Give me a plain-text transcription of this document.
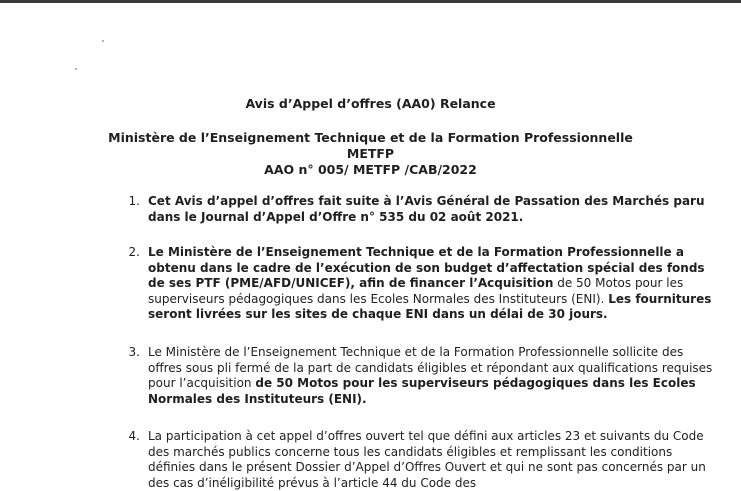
Avis d’Appel d’offres (AA0) Relance
Ministère de l’Enseignement Technique et de la Formation Professionnelle
METFP
AAO n° 005/ METFP /CAB/2022
1. Cet Avis d’appel d’offres fait suite à l’Avis Général de Passation des Marchés paru dans le Journal d’Appel d’Offre n° 535 du 02 août 2021.
2. Le Ministère de l’Enseignement Technique et de la Formation Professionnelle a obtenu dans le cadre de l’exécution de son budget d’affectation spécial des fonds de ses PTF (PME/AFD/UNICEF), afin de financer l’Acquisition de 50 Motos pour les superviseurs pédagogiques dans les Ecoles Normales des Instituteurs (ENI). Les fournitures seront livrées sur les sites de chaque ENI dans un délai de 30 jours.
3. Le Ministère de l’Enseignement Technique et de la Formation Professionnelle sollicite des offres sous pli fermé de la part de candidats éligibles et répondant aux qualifications requises pour l’acquisition de 50 Motos pour les superviseurs pédagogiques dans les Ecoles Normales des Instituteurs (ENI).
4. La participation à cet appel d’offres ouvert tel que défini aux articles 23 et suivants du Code des marchés publics concerne tous les candidats éligibles et remplissant les conditions définies dans le présent Dossier d’Appel d’Offres Ouvert et qui ne sont pas concernés par un des cas d’inéligibilité prévus à l’article 44 du Code des
